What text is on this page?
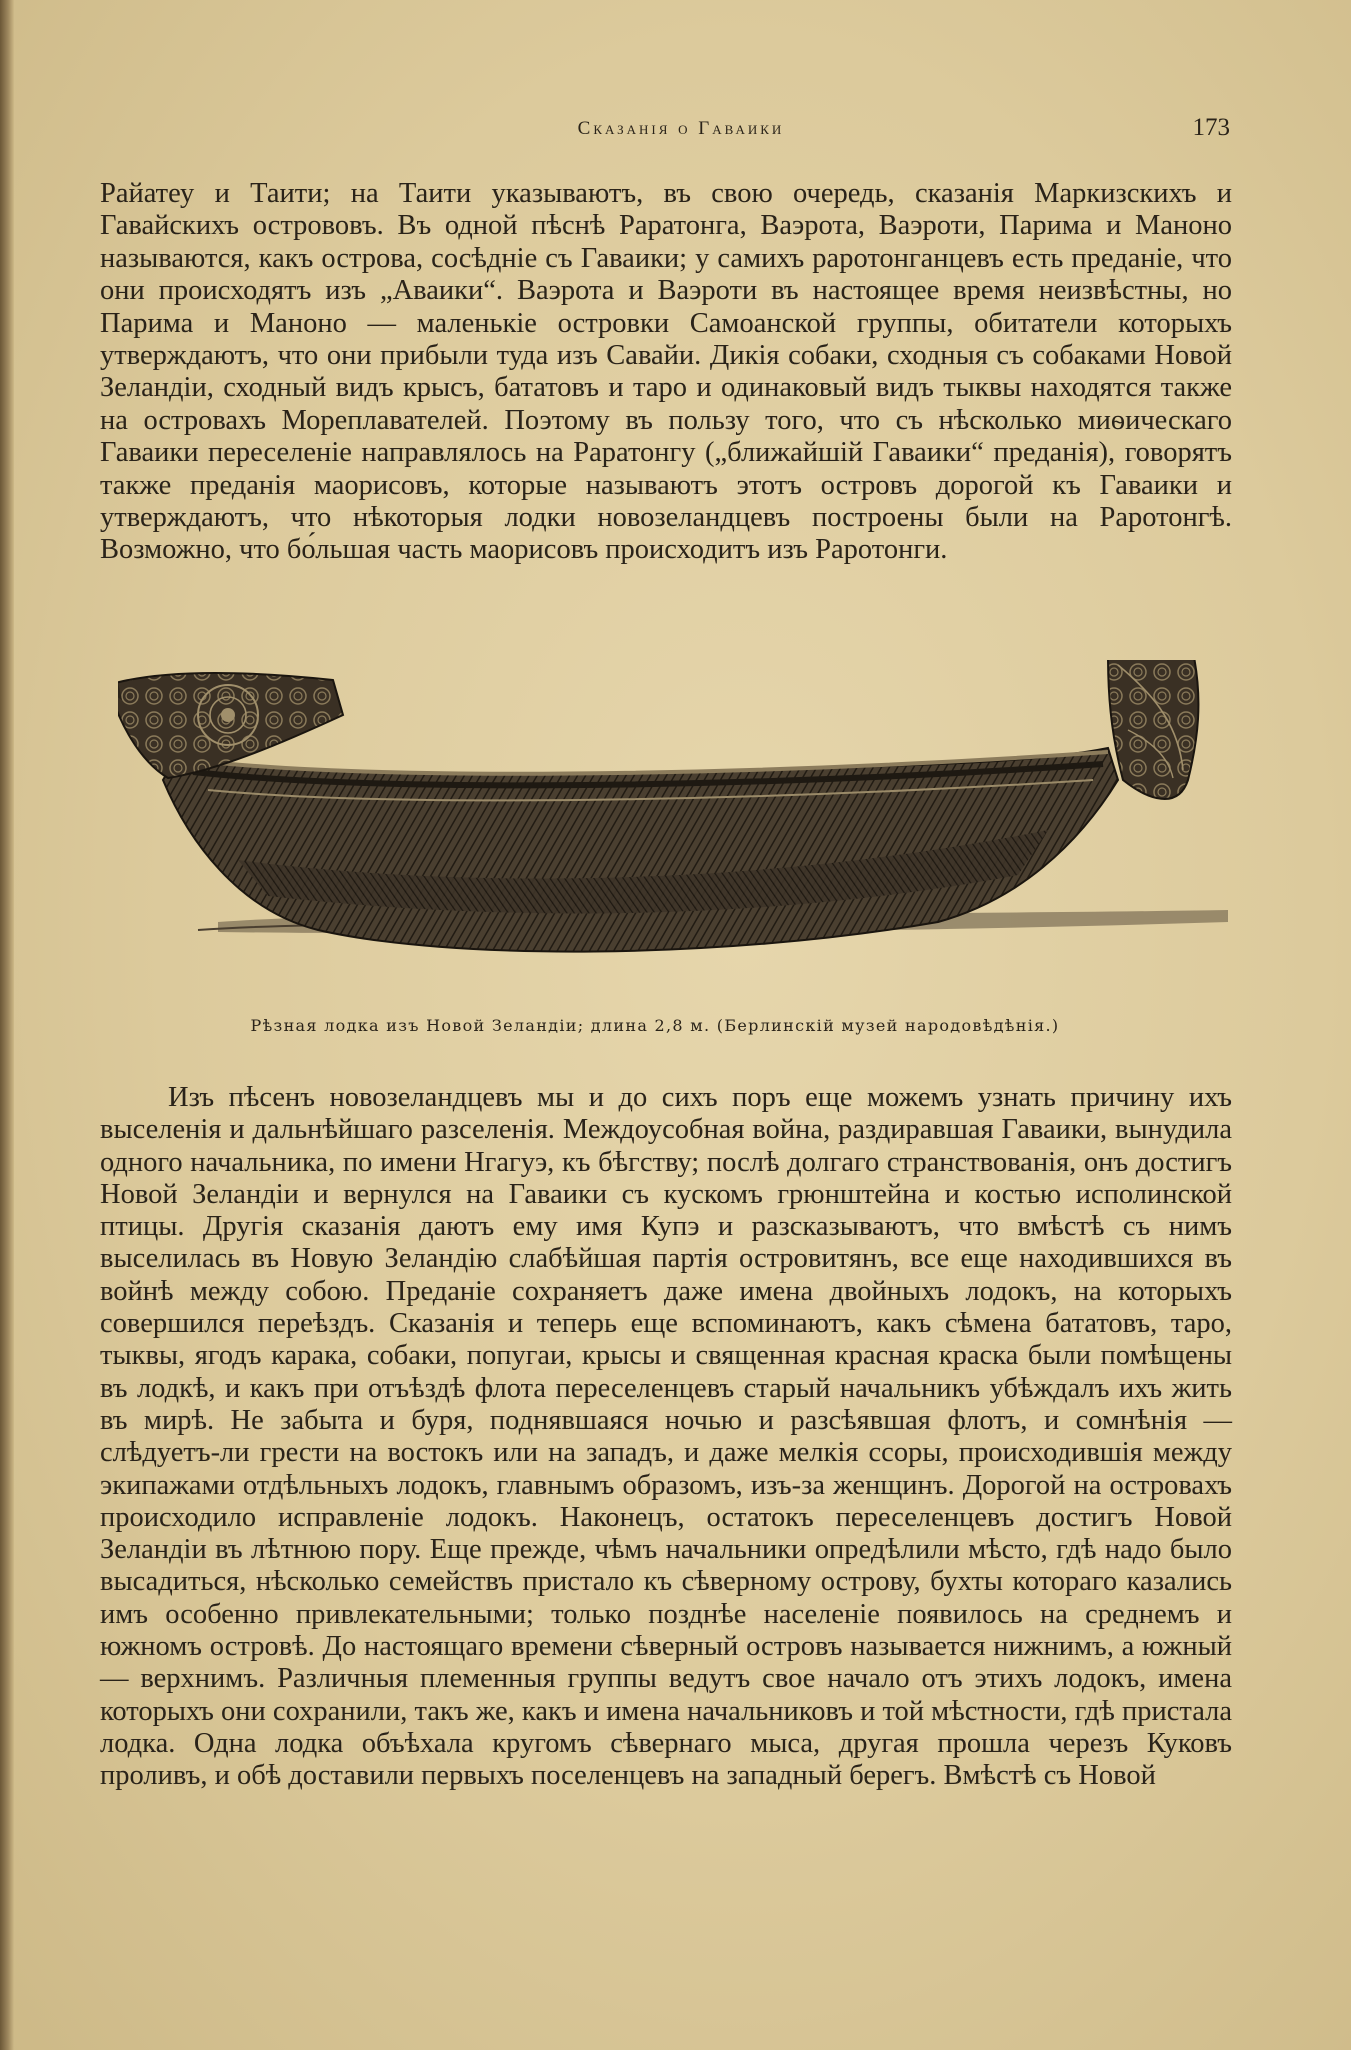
Сказанія о Гаваики	173

Райатеу и Таити; на Таити указываютъ, въ свою очередь, сказанія Маркизскихъ и Гавайскихъ острововъ. Въ одной пѣснѣ Раратонга, Ваэрота, Ваэроти, Парима и Маноно называются, какъ острова, сосѣдніе съ Гаваики; у самихъ раротонганцевъ есть преданіе, что они происходятъ изъ „Аваики“. Ваэрота и Ваэроти въ настоящее время неизвѣстны, но Парима и Маноно — маленькіе островки Самоанской группы, обитатели которыхъ утверждаютъ, что они прибыли туда изъ Савайи. Дикія собаки, сходныя съ собаками Новой Зеландіи, сходный видъ крысъ, бататовъ и таро и одинаковый видъ тыквы находятся также на островахъ Мореплавателей. Поэтому въ пользу того, что съ нѣсколько миѳическаго Гаваики переселеніе направлялось на Раратонгу („ближайшій Гаваики“ преданія), говорятъ также преданія маорисовъ, которые называютъ этотъ островъ дорогой къ Гаваики и утверждаютъ, что нѣкоторыя лодки новозеландцевъ построены были на Раротонгѣ. Возможно, что бо́льшая часть маорисовъ происходитъ изъ Раротонги.

Рѣзная лодка изъ Новой Зеландіи; длина 2,8 м. (Берлинскій музей народовѣдѣнія.)

Изъ пѣсенъ новозеландцевъ мы и до сихъ поръ еще можемъ узнать причину ихъ выселенія и дальнѣйшаго разселенія. Междоусобная война, раздиравшая Гаваики, вынудила одного начальника, по имени Нгагуэ, къ бѣгству; послѣ долгаго странствованія, онъ достигъ Новой Зеландіи и вернулся на Гаваики съ кускомъ грюнштейна и костью исполинской птицы. Другія сказанія даютъ ему имя Купэ и разсказываютъ, что вмѣстѣ съ нимъ выселилась въ Новую Зеландію слабѣйшая партія островитянъ, все еще находившихся въ войнѣ между собою. Преданіе сохраняетъ даже имена двойныхъ лодокъ, на которыхъ совершился переѣздъ. Сказанія и теперь еще вспоминаютъ, какъ сѣмена бататовъ, таро, тыквы, ягодъ карака, собаки, попугаи, крысы и священная красная краска были помѣщены въ лодкѣ, и какъ при отъѣздѣ флота переселенцевъ старый начальникъ убѣждалъ ихъ жить въ мирѣ. Не забыта и буря, поднявшаяся ночью и разсѣявшая флотъ, и сомнѣнія — слѣдуетъ-ли грести на востокъ или на западъ, и даже мелкія ссоры, происходившія между экипажами отдѣльныхъ лодокъ, главнымъ образомъ, изъ-за женщинъ. Дорогой на островахъ происходило исправленіе лодокъ. Наконецъ, остатокъ переселенцевъ достигъ Новой Зеландіи въ лѣтнюю пору. Еще прежде, чѣмъ начальники опредѣлили мѣсто, гдѣ надо было высадиться, нѣсколько семействъ пристало къ сѣверному острову, бухты котораго казались имъ особенно привлекательными; только позднѣе населеніе появилось на среднемъ и южномъ островѣ. До настоящаго времени сѣверный островъ называется нижнимъ, а южный — верхнимъ. Различныя племенныя группы ведутъ свое начало отъ этихъ лодокъ, имена которыхъ они сохранили, такъ же, какъ и имена начальниковъ и той мѣстности, гдѣ пристала лодка. Одна лодка объѣхала кругомъ сѣвернаго мыса, другая прошла черезъ Куковъ проливъ, и обѣ доставили первыхъ поселенцевъ на западный берегъ. Вмѣстѣ съ Новой
